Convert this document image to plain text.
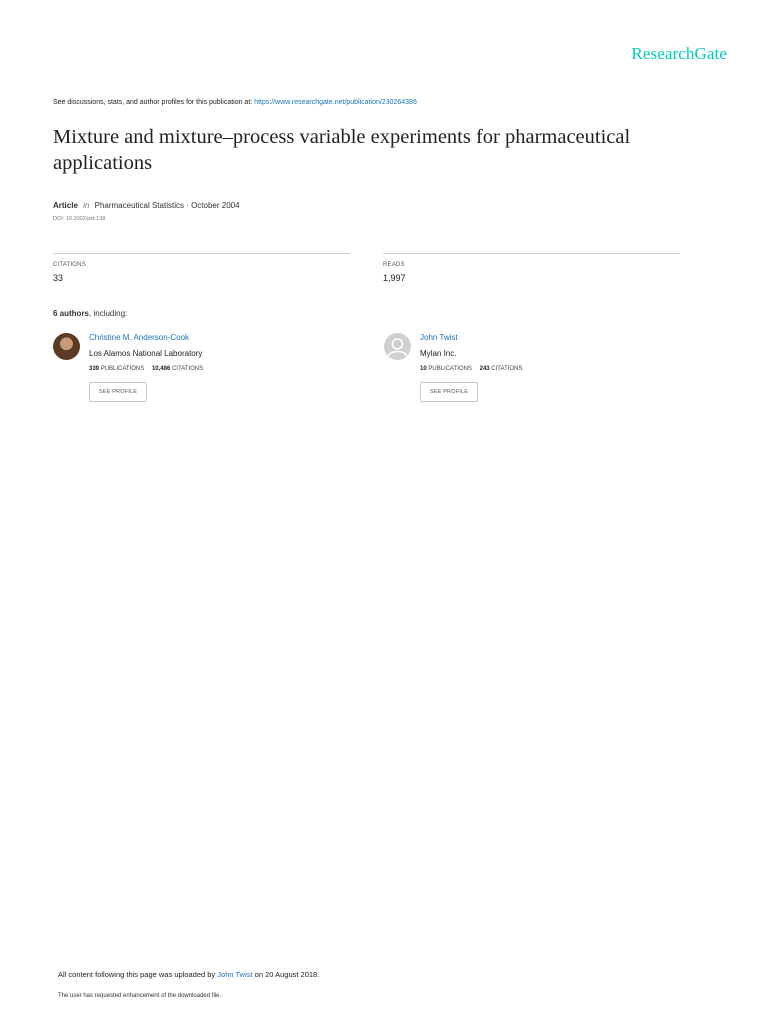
ResearchGate
See discussions, stats, and author profiles for this publication at: https://www.researchgate.net/publication/230264386
Mixture and mixture–process variable experiments for pharmaceutical applications
Article in Pharmaceutical Statistics · October 2004
DOI: 10.1002/pst.138
CITATIONS
33
READS
1,997
6 authors, including:
Christine M. Anderson-Cook
Los Alamos National Laboratory
339 PUBLICATIONS 10,486 CITATIONS
SEE PROFILE
John Twist
Mylan Inc.
10 PUBLICATIONS 243 CITATIONS
SEE PROFILE
All content following this page was uploaded by John Twist on 20 August 2018.
The user has requested enhancement of the downloaded file.
